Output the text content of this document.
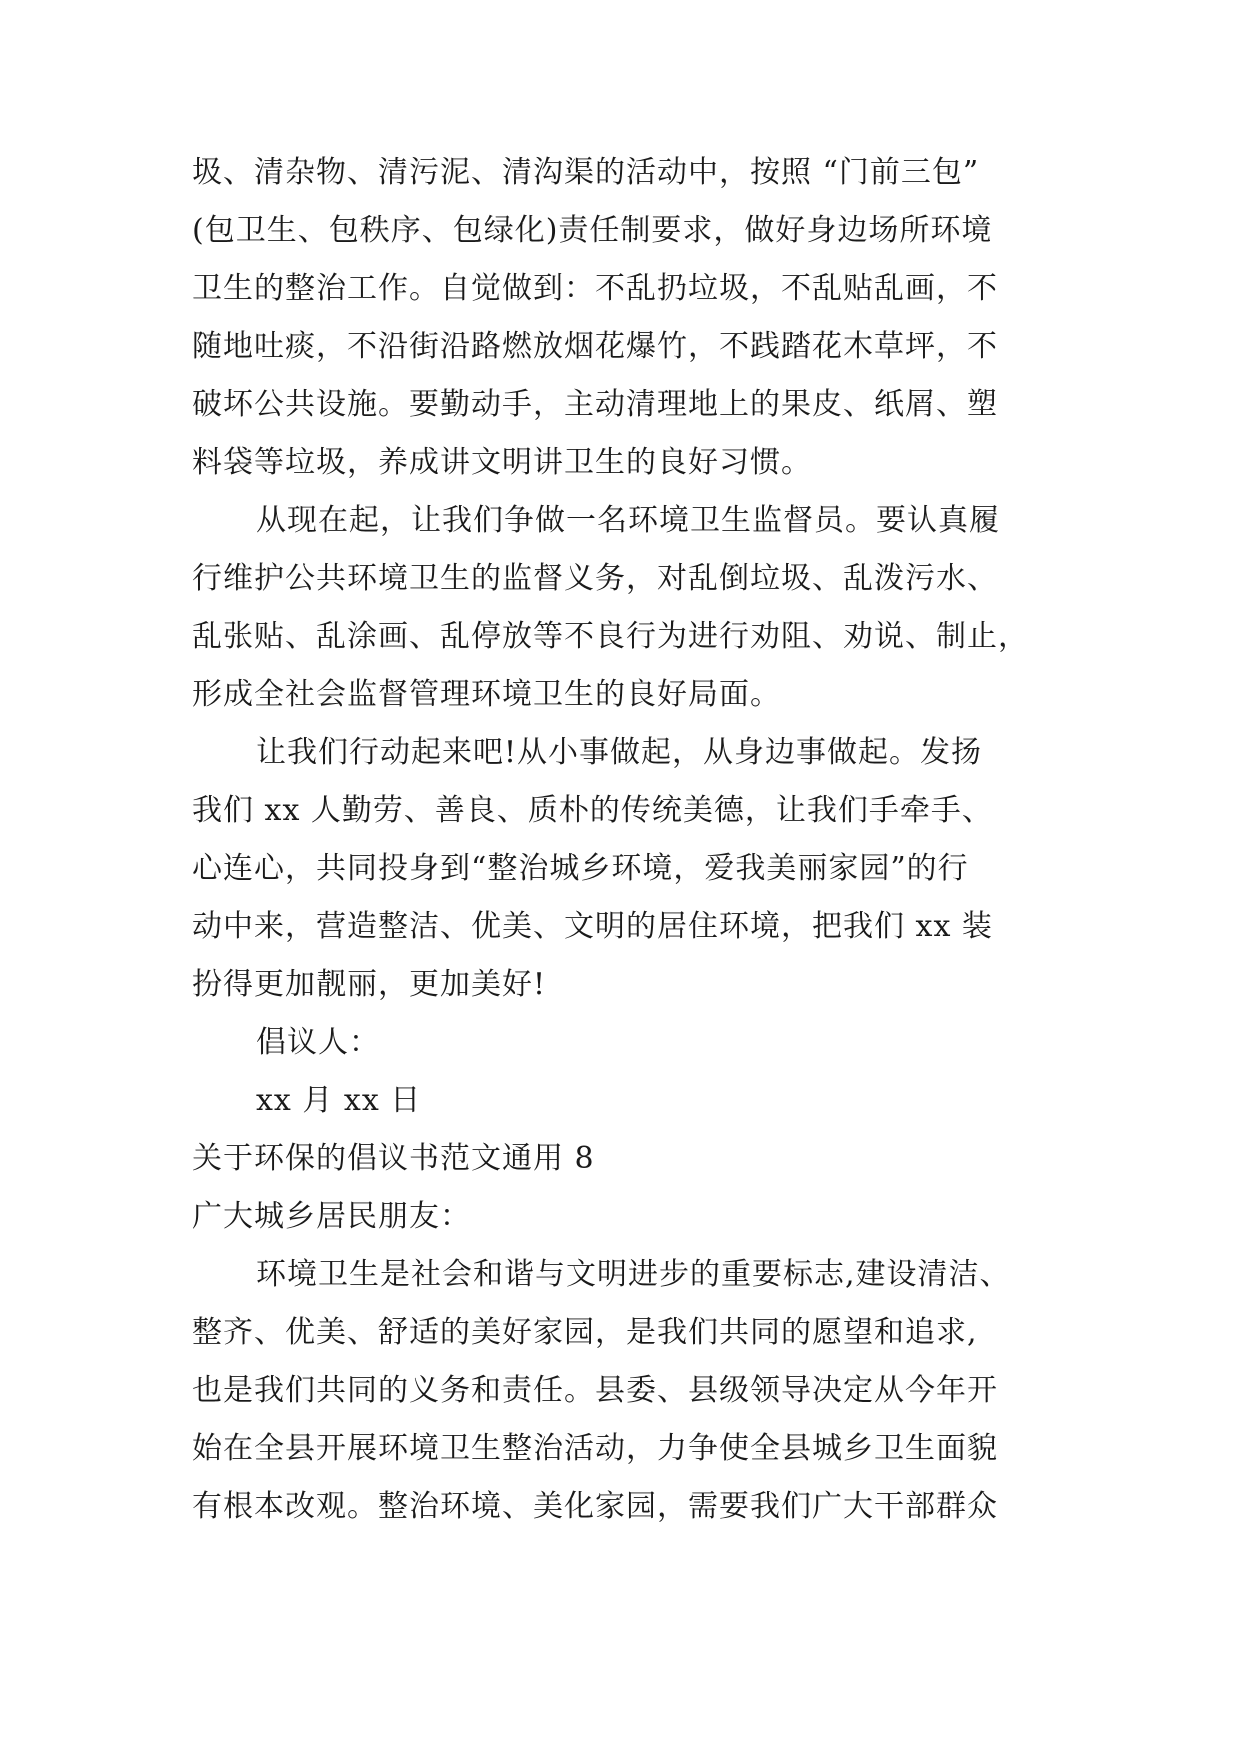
圾、清杂物、清污泥、清沟渠的活动中，按照 “门前三包”
(包卫生、包秩序、包绿化)责任制要求，做好身边场所环境
卫生的整治工作。自觉做到：不乱扔垃圾，不乱贴乱画，不
随地吐痰，不沿街沿路燃放烟花爆竹，不践踏花木草坪，不
破坏公共设施。要勤动手，主动清理地上的果皮、纸屑、塑
料袋等垃圾，养成讲文明讲卫生的良好习惯。
从现在起，让我们争做一名环境卫生监督员。要认真履
行维护公共环境卫生的监督义务，对乱倒垃圾、乱泼污水、
乱张贴、乱涂画、乱停放等不良行为进行劝阻、劝说、制止，
形成全社会监督管理环境卫生的良好局面。
让我们行动起来吧!从小事做起，从身边事做起。发扬
我们 xx 人勤劳、善良、质朴的传统美德，让我们手牵手、
心连心，共同投身到“整治城乡环境，爱我美丽家园”的行
动中来，营造整洁、优美、文明的居住环境，把我们 xx 装
扮得更加靓丽，更加美好!
倡议人：
xx 月 xx 日
关于环保的倡议书范文通用 8
广大城乡居民朋友：
环境卫生是社会和谐与文明进步的重要标志,建设清洁、
整齐、优美、舒适的美好家园，是我们共同的愿望和追求,
也是我们共同的义务和责任。县委、县级领导决定从今年开
始在全县开展环境卫生整治活动，力争使全县城乡卫生面貌
有根本改观。整治环境、美化家园，需要我们广大干部群众
